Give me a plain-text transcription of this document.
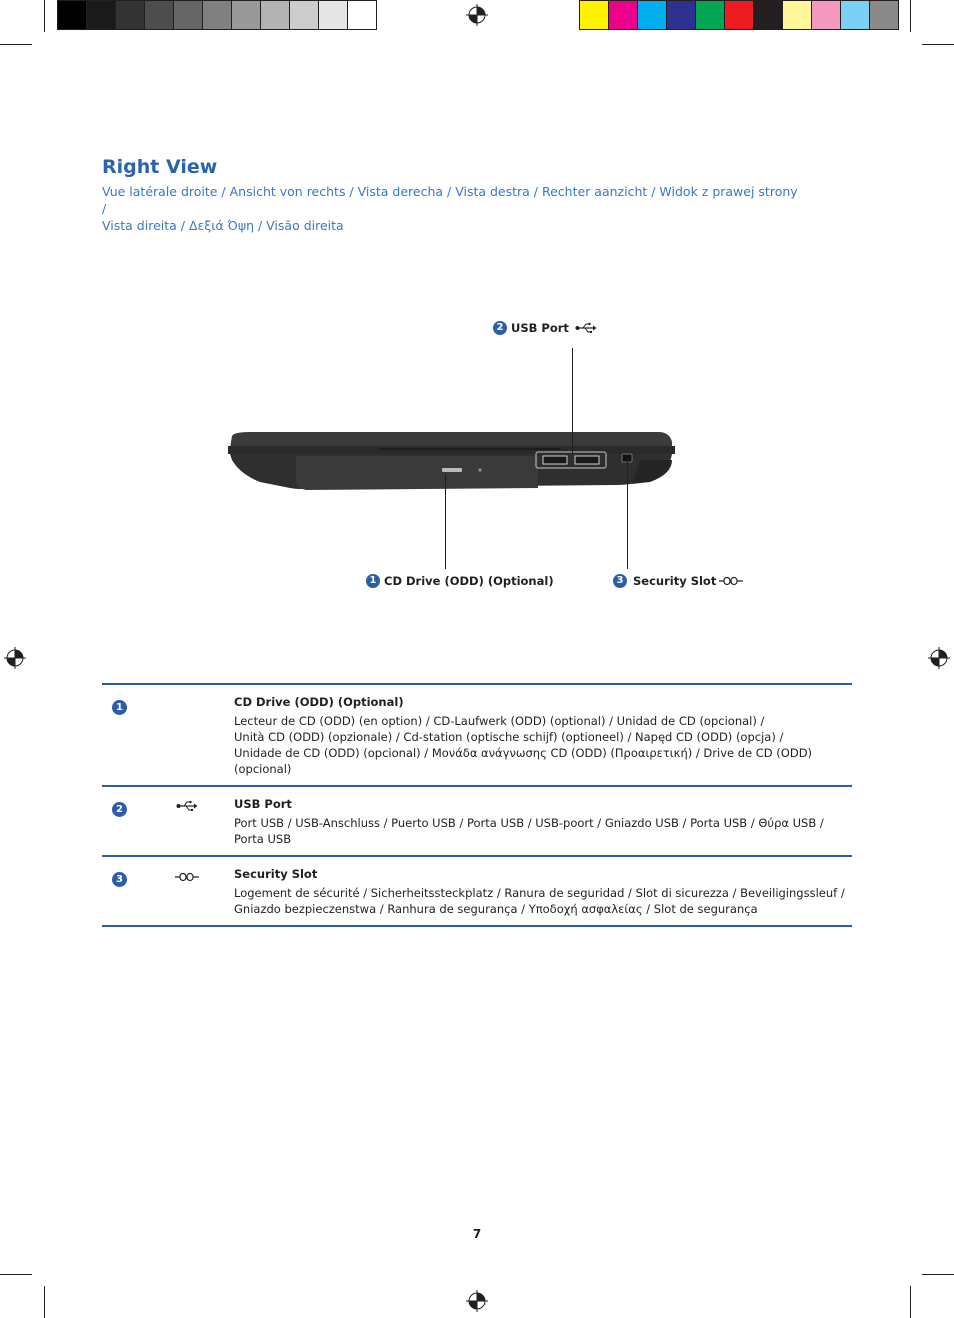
Right View
Vue latérale droite / Ansicht von rechts / Vista derecha / Vista destra / Rechter aanzicht / Widok z prawej strony /
Vista direita / Δεξιά Όψη / Visão direita
2 USB Port
1 CD Drive (ODD) (Optional)	3 Security Slot
1		CD Drive (ODD) (Optional)
Lecteur de CD (ODD) (en option) / CD-Laufwerk (ODD) (optional) / Unidad de CD (opcional) /
Unità CD (ODD) (opzionale) / Cd-station (optische schijf) (optioneel) / Napęd CD (ODD) (opcja) /
Unidade de CD (ODD) (opcional) / Μονάδα ανάγνωσης CD (ODD) (Προαιρετική) / Drive de CD (ODD) (opcional)

2		USB Port
Port USB / USB-Anschluss / Puerto USB / Porta USB / USB-poort / Gniazdo USB / Porta USB / Θύρα USB /
Porta USB

3		Security Slot
Logement de sécurité / Sicherheitssteckplatz / Ranura de seguridad / Slot di sicurezza / Beveiligingssleuf /
Gniazdo bezpieczenstwa / Ranhura de segurança / Υποδοχή ασφαλείας / Slot de segurança
7
